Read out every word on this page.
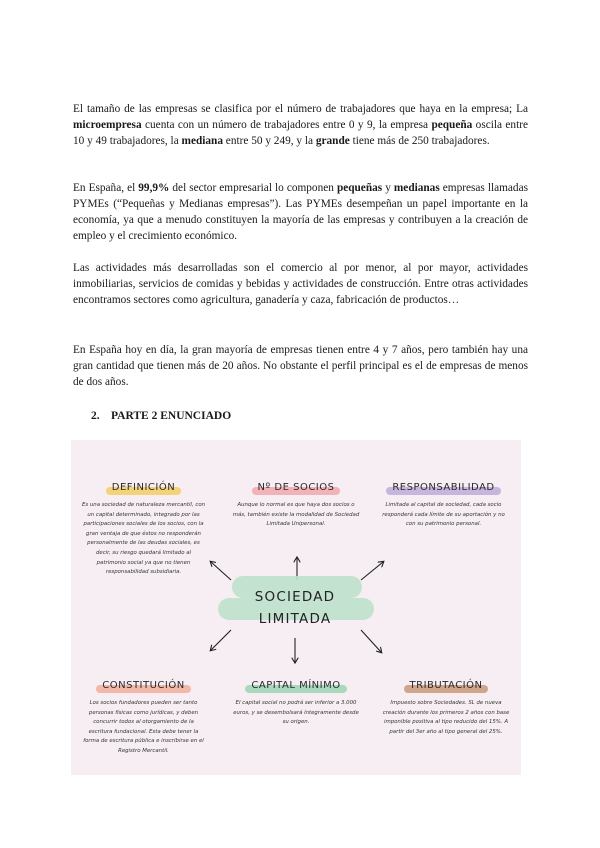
El tamaño de las empresas se clasifica por el número de trabajadores que haya en la empresa; La microempresa cuenta con un número de trabajadores entre 0 y 9, la empresa pequeña oscila entre 10 y 49 trabajadores, la mediana entre 50 y 249, y la grande tiene más de 250 trabajadores.

En España, el 99,9% del sector empresarial lo componen pequeñas y medianas empresas llamadas PYMEs (“Pequeñas y Medianas empresas”). Las PYMEs desempeñan un papel importante en la economía, ya que a menudo constituyen la mayoría de las empresas y contribuyen a la creación de empleo y el crecimiento económico.

Las actividades más desarrolladas son el comercio al por menor, al por mayor, actividades inmobiliarias, servicios de comidas y bebidas y actividades de construcción. Entre otras actividades encontramos sectores como agricultura, ganadería y caza, fabricación de productos…

En España hoy en día, la gran mayoría de empresas tienen entre 4 y 7 años, pero también hay una gran cantidad que tienen más de 20 años. No obstante el perfil principal es el de empresas de menos de dos años.

2. PARTE 2 ENUNCIADO
SOCIEDAD
LIMITADA
DEFINICIÓN
Es una sociedad de naturaleza mercantil, con un capital determinado, integrado por las participaciones sociales de los socios, con la gran ventaja de que éstos no responderán personalmente de las deudas sociales, es decir, su riesgo quedará limitado al patrimonio social ya que no tienen responsabilidad subsidiaria.
Nº DE SOCIOS
Aunque lo normal es que haya dos socios o más, también existe la modalidad de Sociedad Limitada Unipersonal.
RESPONSABILIDAD
Limitada al capital de sociedad, cada socio responderá cada límite de su aportación y no con su patrimonio personal.
CONSTITUCIÓN
Los socios fundadores pueden ser tanto personas físicas como jurídicas, y deben concurrir todos al otorgamiento de la escritura fundacional. Esta debe tener la forma de escritura pública e inscribirse en el Registro Mercantil.
CAPITAL MÍNIMO
El capital social no podrá ser inferior a 3.000 euros, y se desembolsará íntegramente desde su origen.
TRIBUTACIÓN
Impuesto sobre Sociedades. SL de nueva creación durante los primeros 2 años con base imponible positiva al tipo reducido del 15%. A partir del 3er año al tipo general del 25%.
